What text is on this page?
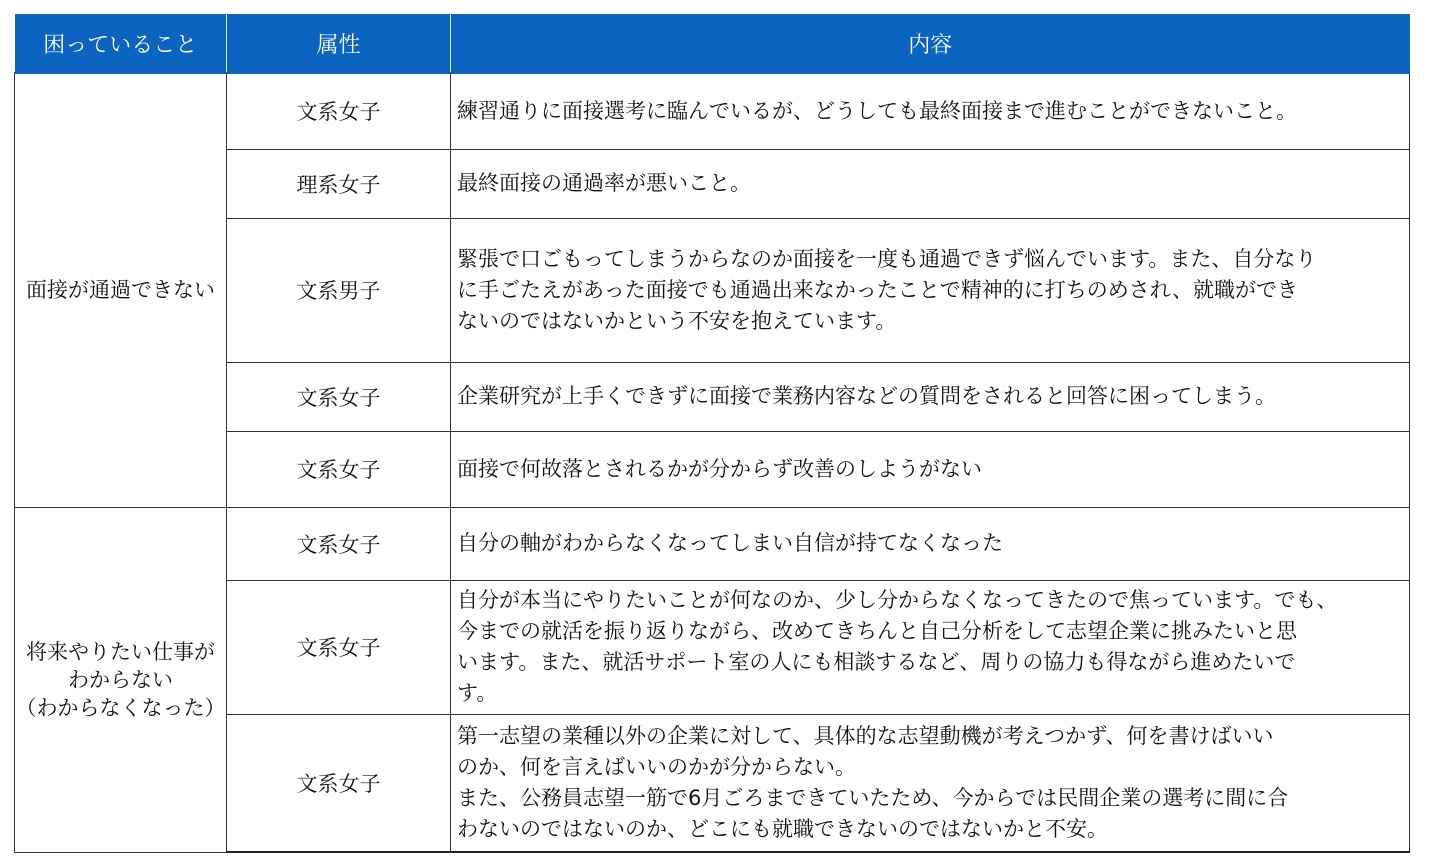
困っていること	属性	内容

面接が通過できない	文系女子	練習通りに面接選考に臨んでいるが、どうしても最終面接まで進むことができないこと。

	理系女子	最終面接の通過率が悪いこと。

	文系男子	緊張で口ごもってしまうからなのか面接を一度も通過できず悩んでいます。また、自分なり
に手ごたえがあった面接でも通過出来なかったことで精神的に打ちのめされ、就職ができ
ないのではないかという不安を抱えています。

	文系女子	企業研究が上手くできずに面接で業務内容などの質問をされると回答に困ってしまう。

	文系女子	面接で何故落とされるかが分からず改善のしようがない

将来やりたい仕事が
わからない
（わからなくなった）	文系女子	自分の軸がわからなくなってしまい自信が持てなくなった

	文系女子	自分が本当にやりたいことが何なのか、少し分からなくなってきたので焦っています。でも、
今までの就活を振り返りながら、改めてきちんと自己分析をして志望企業に挑みたいと思
います。また、就活サポート室の人にも相談するなど、周りの協力も得ながら進めたいで
す。

	文系女子	第一志望の業種以外の企業に対して、具体的な志望動機が考えつかず、何を書けばいい
のか、何を言えばいいのかが分からない。
また、公務員志望一筋で6月ごろまできていたため、今からでは民間企業の選考に間に合
わないのではないのか、どこにも就職できないのではないかと不安。
